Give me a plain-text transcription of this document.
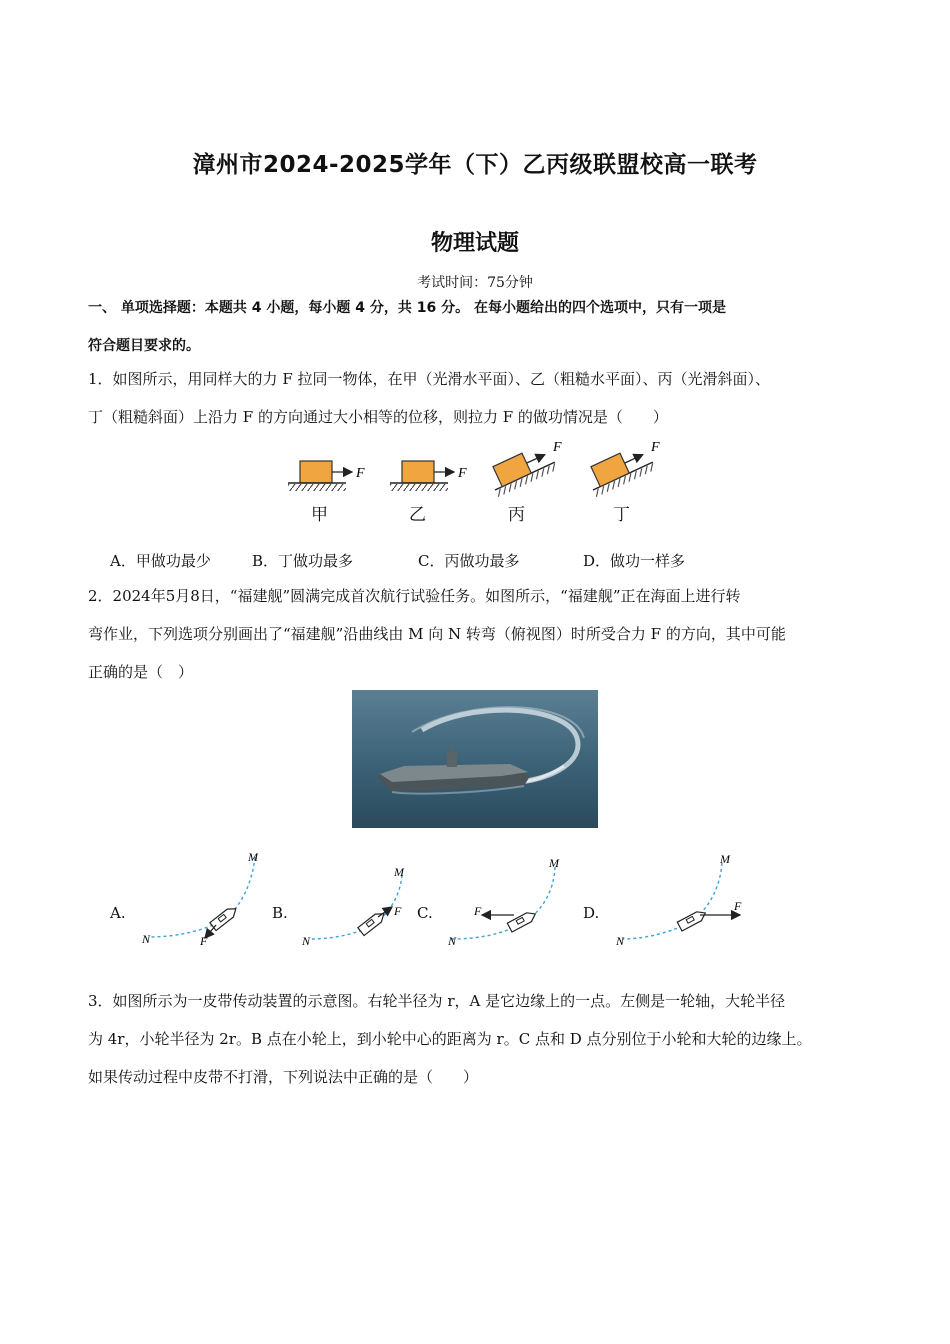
漳州市2024-2025学年（下）乙丙级联盟校高一联考
物理试题
考试时间：75分钟
一、 单项选择题：本题共 4 小题，每小题 4 分，共 16 分。 在每小题给出的四个选项中，只有一项是
符合题目要求的。
1．如图所示，用同样大的力 F 拉同一物体，在甲（光滑水平面）、乙（粗糙水平面）、丙（光滑斜面）、
丁（粗糙斜面）上沿力 F 的方向通过大小相等的位移，则拉力 F 的做功情况是（　　）
F	F
F	F
甲	乙	丙	丁
A．甲做功最少	B．丁做功最多	C．丙做功最多	D．做功一样多
2．2024年5月8日，“福建舰”圆满完成首次航行试验任务。如图所示，“福建舰”正在海面上进行转
弯作业，下列选项分别画出了“福建舰”沿曲线由 M 向 N 转弯（俯视图）时所受合力 F 的方向，其中可能
正确的是（　）
A.	B.	C.	D.
M
N	F
M
N
F
M
N
F
M
N
F
3．如图所示为一皮带传动装置的示意图。右轮半径为 r，A 是它边缘上的一点。左侧是一轮轴，大轮半径
为 4r，小轮半径为 2r。B 点在小轮上，到小轮中心的距离为 r。C 点和 D 点分别位于小轮和大轮的边缘上。
如果传动过程中皮带不打滑，下列说法中正确的是（　　）
